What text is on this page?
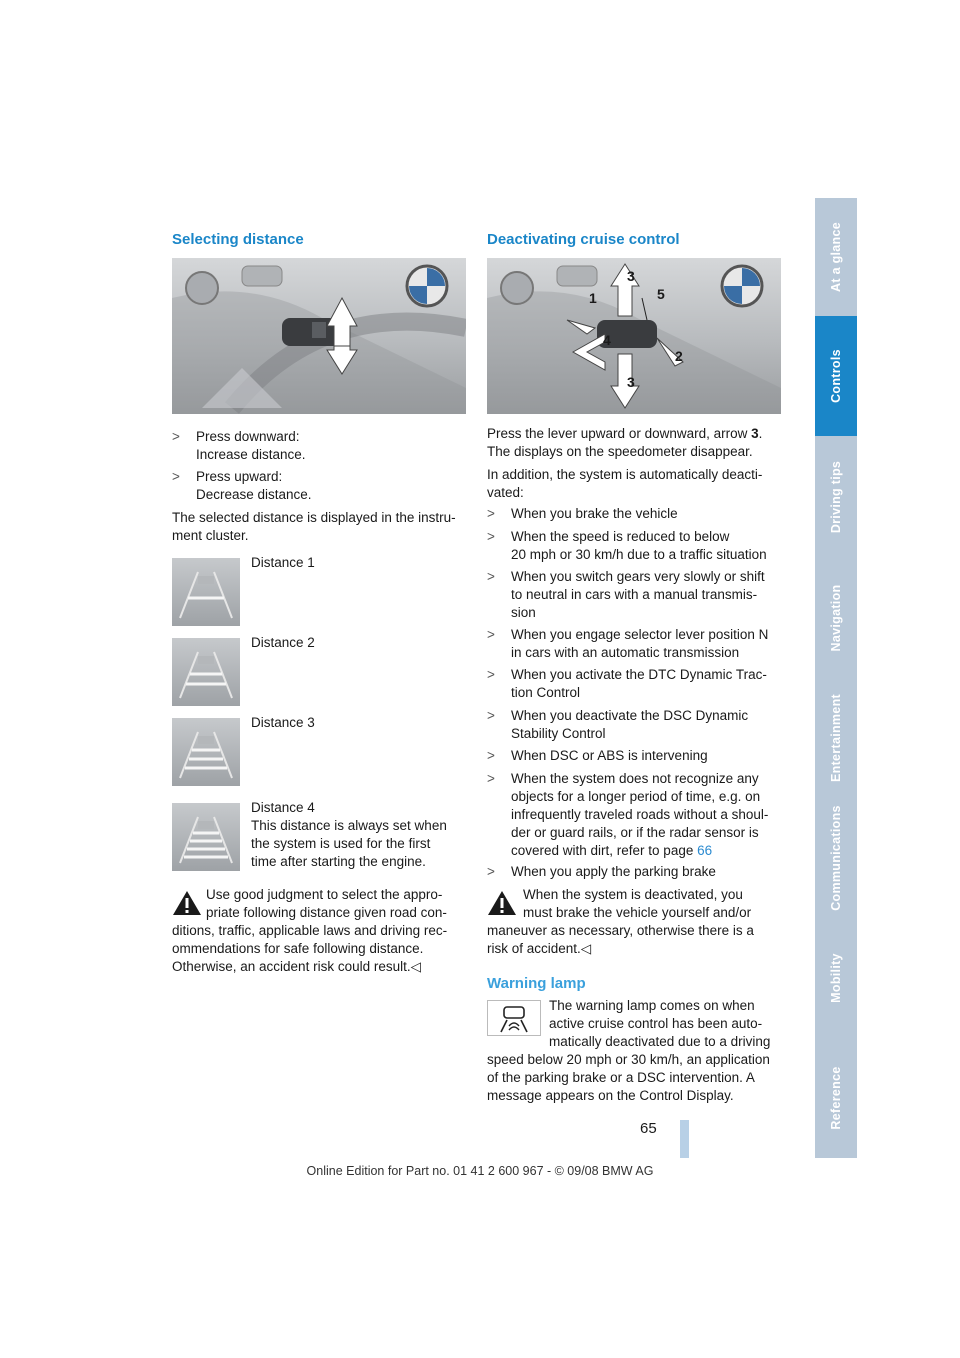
Selecting distance
> Press downward:
Increase distance.
> Press upward:
Decrease distance.

The selected distance is displayed in the instru-
ment cluster.

Distance 1
Distance 2
Distance 3

Distance 4
This distance is always set when
the system is used for the first
time after starting the engine.

Use good judgment to select the appro-
priate following distance given road con-
ditions, traffic, applicable laws and driving rec-
ommendations for safe following distance.
Otherwise, an accident risk could result.◁

Deactivating cruise control
1
2
3
3
4
5

Press the lever upward or downward, arrow 3.
The displays on the speedometer disappear.

In addition, the system is automatically deacti-
vated:

> When you brake the vehicle
> When the speed is reduced to below
20 mph or 30 km/h due to a traffic situation
> When you switch gears very slowly or shift
to neutral in cars with a manual transmis-
sion
> When you engage selector lever position N
in cars with an automatic transmission
> When you activate the DTC Dynamic Trac-
tion Control
> When you deactivate the DSC Dynamic
Stability Control
> When DSC or ABS is intervening
> When the system does not recognize any
objects for a longer period of time, e.g. on
infrequently traveled roads without a shoul-
der or guard rails, or if the radar sensor is
covered with dirt, refer to page 66
> When you apply the parking brake

When the system is deactivated, you
must brake the vehicle yourself and/or
maneuver as necessary, otherwise there is a
risk of accident.◁

Warning lamp

The warning lamp comes on when
active cruise control has been auto-
matically deactivated due to a driving
speed below 20 mph or 30 km/h, an application
of the parking brake or a DSC intervention. A
message appears on the Control Display.

At a glance
Controls
Driving tips
Navigation
Entertainment
Communications
Mobility
Reference
65
Online Edition for Part no. 01 41 2 600 967 - © 09/08 BMW AG
